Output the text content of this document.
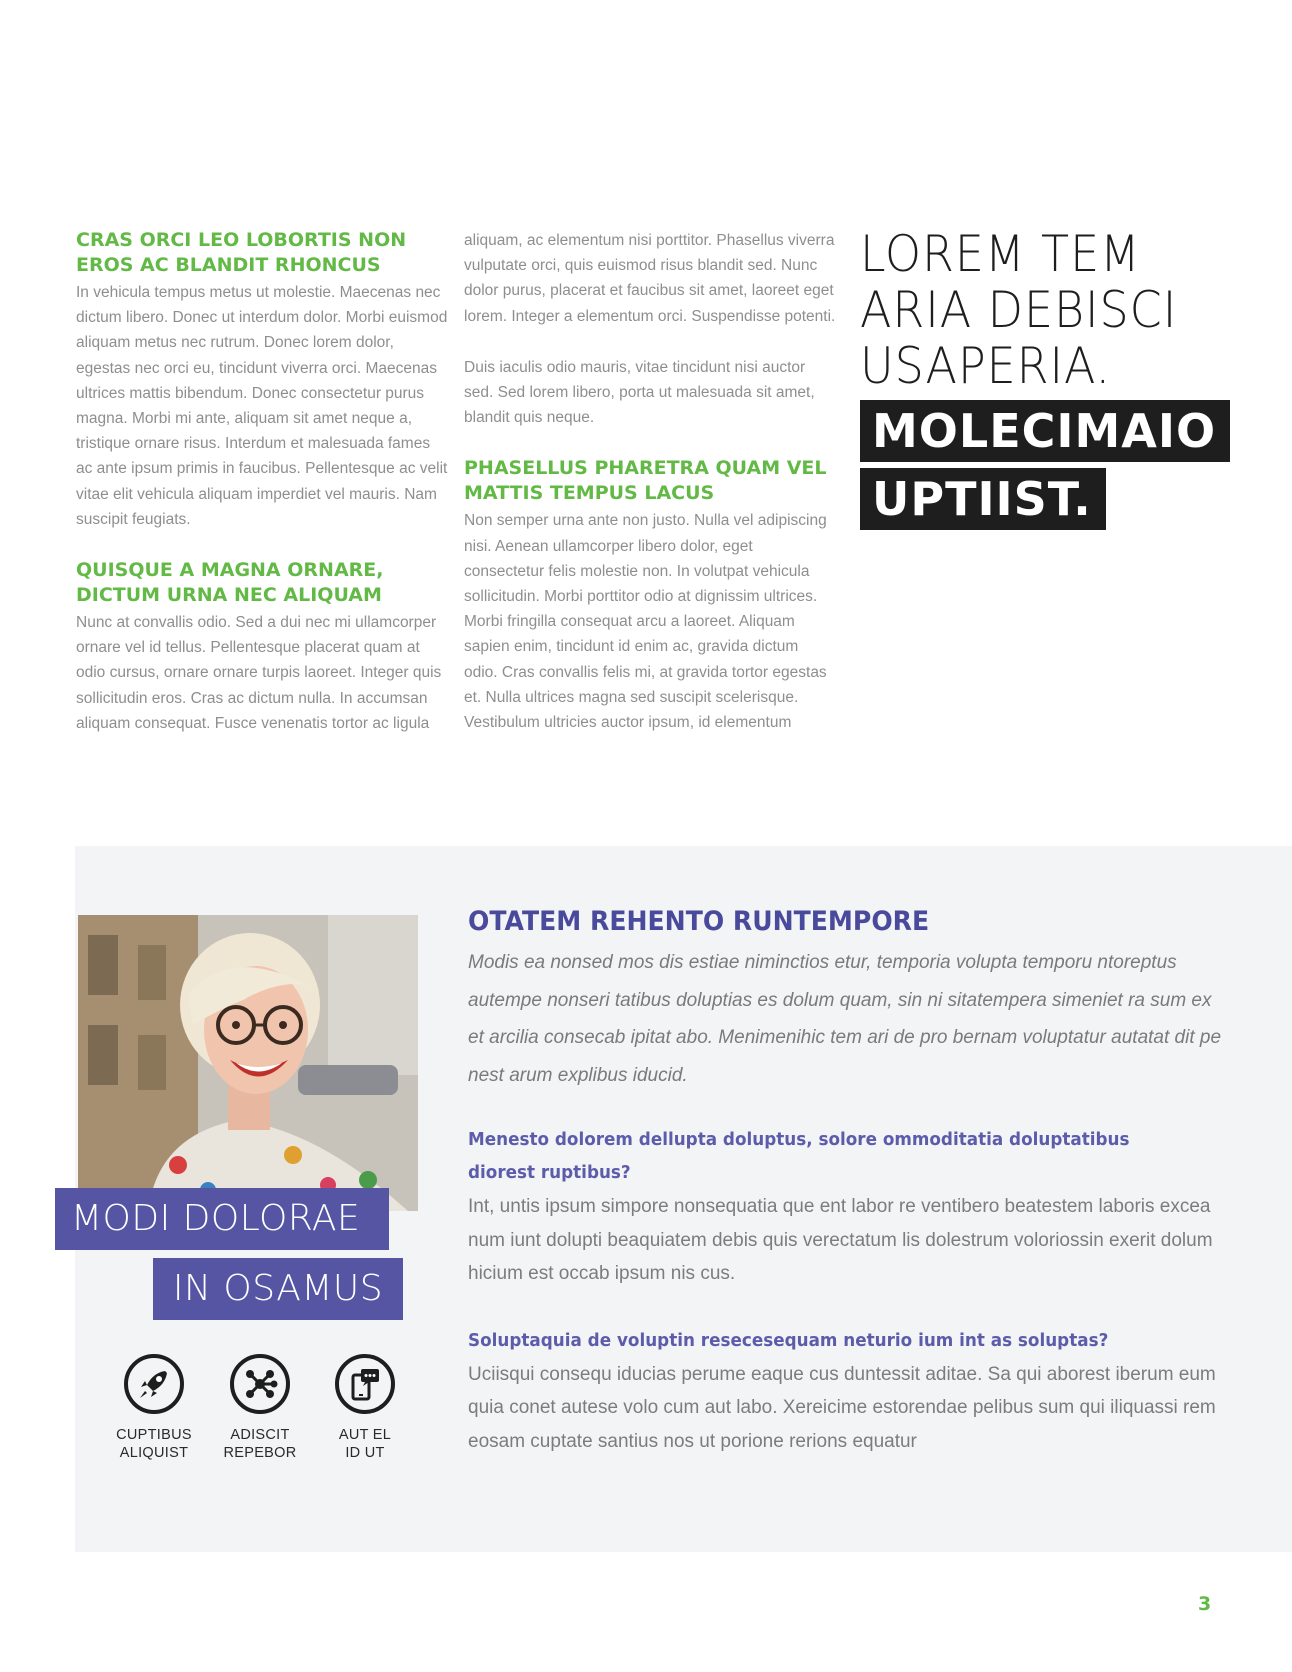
CRAS ORCI LEO LOBORTIS NON EROS AC BLANDIT RHONCUS

In vehicula tempus metus ut molestie. Maecenas nec dictum libero. Donec ut interdum dolor. Morbi euismod aliquam metus nec rutrum. Donec lorem dolor, egestas nec orci eu, tincidunt viverra orci. Maecenas ultrices mattis bibendum. Donec consectetur purus magna. Morbi mi ante, aliquam sit amet neque a, tristique ornare risus. Interdum et malesuada fames ac ante ipsum primis in faucibus. Pellentesque ac velit vitae elit vehicula aliquam imperdiet vel mauris. Nam suscipit feugiats.

QUISQUE A MAGNA ORNARE, DICTUM URNA NEC ALIQUAM

Nunc at convallis odio. Sed a dui nec mi ullamcorper ornare vel id tellus. Pellentesque placerat quam at odio cursus, ornare ornare turpis laoreet. Integer quis sollicitudin eros. Cras ac dictum nulla. In accumsan aliquam consequat. Fusce venenatis tortor ac ligula

aliquam, ac elementum nisi porttitor. Phasellus viverra vulputate orci, quis euismod risus blandit sed. Nunc dolor purus, placerat et faucibus sit amet, laoreet eget lorem. Integer a elementum orci. Suspendisse potenti.

Duis iaculis odio mauris, vitae tincidunt nisi auctor sed. Sed lorem libero, porta ut malesuada sit amet, blandit quis neque.

PHASELLUS PHARETRA QUAM VEL MATTIS TEMPUS LACUS

Non semper urna ante non justo. Nulla vel adipiscing nisi. Aenean ullamcorper libero dolor, eget consectetur felis molestie non. In volutpat vehicula sollicitudin. Morbi porttitor odio at dignissim ultrices. Morbi fringilla consequat arcu a laoreet. Aliquam sapien enim, tincidunt id enim ac, gravida dictum odio. Cras convallis felis mi, at gravida tortor egestas et. Nulla ultrices magna sed suscipit scelerisque. Vestibulum ultricies auctor ipsum, id elementum

LOREM TEM

ARIA DEBISCI

USAPERIA.

MOLECIMAIO
UPTIIST.
MODI DOLORAE
IN OSAMUS
CUPTIBUS
ALIQUIST
ADISCIT
REPEBOR
AUT EL
ID UT
OTATEM REHENTO RUNTEMPORE

Modis ea nonsed mos dis estiae niminctios etur, temporia volupta temporu ntoreptus autempe nonseri tatibus doluptias es dolum quam, sin ni sitatempera simeniet ra sum ex et arcilia consecab ipitat abo. Menimenihic tem ari de pro bernam voluptatur autatat dit pe nest arum explibus iducid.

Menesto dolorem dellupta doluptus, solore ommoditatia doluptatibus diorest ruptibus?

Int, untis ipsum simpore nonsequatia que ent labor re ventibero beatestem laboris excea num iunt dolupti beaquiatem debis quis verectatum lis dolestrum voloriossin exerit dolum hicium est occab ipsum nis cus.

Soluptaquia de voluptin resecesequam neturio ium int as soluptas?

Uciisqui consequ iducias perume eaque cus duntessit aditae. Sa qui aborest iberum eum quia conet autese volo cum aut labo. Xereicime estorendae pelibus sum qui iliquassi rem eosam cuptate santius nos ut porione rerions equatur

3
